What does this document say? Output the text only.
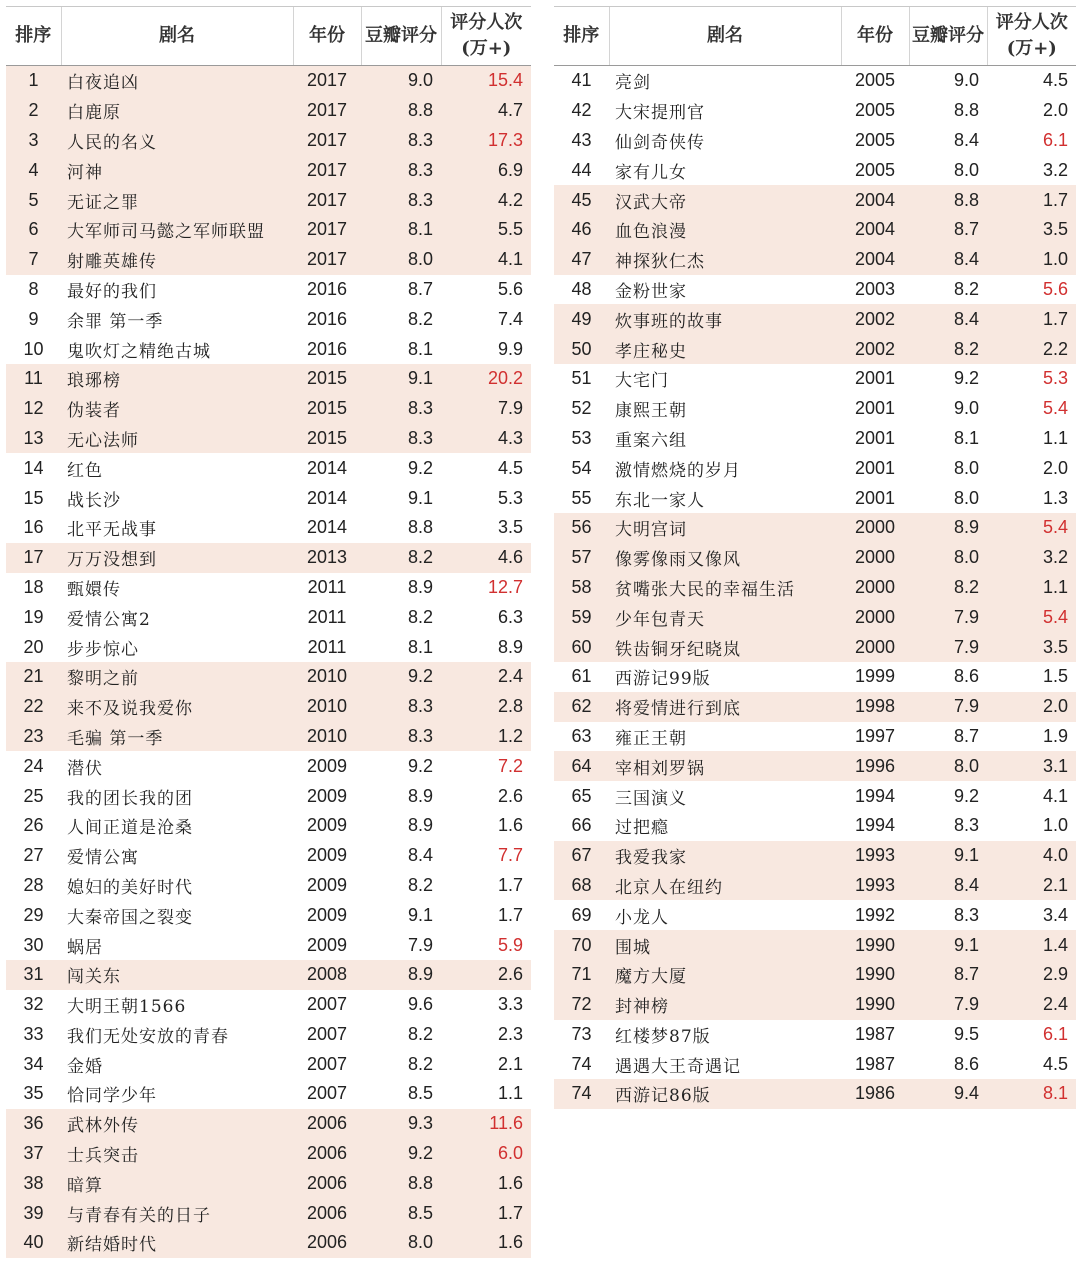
排序	剧名	年份	豆瓣评分	评分人次(万+)
1	白夜追凶	2017	9.0	15.4
2	白鹿原	2017	8.8	4.7
3	人民的名义	2017	8.3	17.3
4	河神	2017	8.3	6.9
5	无证之罪	2017	8.3	4.2
6	大军师司马懿之军师联盟	2017	8.1	5.5
7	射雕英雄传	2017	8.0	4.1
8	最好的我们	2016	8.7	5.6
9	余罪 第一季	2016	8.2	7.4
10	鬼吹灯之精绝古城	2016	8.1	9.9
11	琅琊榜	2015	9.1	20.2
12	伪装者	2015	8.3	7.9
13	无心法师	2015	8.3	4.3
14	红色	2014	9.2	4.5
15	战长沙	2014	9.1	5.3
16	北平无战事	2014	8.8	3.5
17	万万没想到	2013	8.2	4.6
18	甄嬛传	2011	8.9	12.7
19	爱情公寓2	2011	8.2	6.3
20	步步惊心	2011	8.1	8.9
21	黎明之前	2010	9.2	2.4
22	来不及说我爱你	2010	8.3	2.8
23	毛骗 第一季	2010	8.3	1.2
24	潜伏	2009	9.2	7.2
25	我的团长我的团	2009	8.9	2.6
26	人间正道是沧桑	2009	8.9	1.6
27	爱情公寓	2009	8.4	7.7
28	媳妇的美好时代	2009	8.2	1.7
29	大秦帝国之裂变	2009	9.1	1.7
30	蜗居	2009	7.9	5.9
31	闯关东	2008	8.9	2.6
32	大明王朝1566	2007	9.6	3.3
33	我们无处安放的青春	2007	8.2	2.3
34	金婚	2007	8.2	2.1
35	恰同学少年	2007	8.5	1.1
36	武林外传	2006	9.3	11.6
37	士兵突击	2006	9.2	6.0
38	暗算	2006	8.8	1.6
39	与青春有关的日子	2006	8.5	1.7
40	新结婚时代	2006	8.0	1.6
排序	剧名	年份	豆瓣评分	评分人次(万+)
41	亮剑	2005	9.0	4.5
42	大宋提刑官	2005	8.8	2.0
43	仙剑奇侠传	2005	8.4	6.1
44	家有儿女	2005	8.0	3.2
45	汉武大帝	2004	8.8	1.7
46	血色浪漫	2004	8.7	3.5
47	神探狄仁杰	2004	8.4	1.0
48	金粉世家	2003	8.2	5.6
49	炊事班的故事	2002	8.4	1.7
50	孝庄秘史	2002	8.2	2.2
51	大宅门	2001	9.2	5.3
52	康熙王朝	2001	9.0	5.4
53	重案六组	2001	8.1	1.1
54	激情燃烧的岁月	2001	8.0	2.0
55	东北一家人	2001	8.0	1.3
56	大明宫词	2000	8.9	5.4
57	像雾像雨又像风	2000	8.0	3.2
58	贫嘴张大民的幸福生活	2000	8.2	1.1
59	少年包青天	2000	7.9	5.4
60	铁齿铜牙纪晓岚	2000	7.9	3.5
61	西游记99版	1999	8.6	1.5
62	将爱情进行到底	1998	7.9	2.0
63	雍正王朝	1997	8.7	1.9
64	宰相刘罗锅	1996	8.0	3.1
65	三国演义	1994	9.2	4.1
66	过把瘾	1994	8.3	1.0
67	我爱我家	1993	9.1	4.0
68	北京人在纽约	1993	8.4	2.1
69	小龙人	1992	8.3	3.4
70	围城	1990	9.1	1.4
71	魔方大厦	1990	8.7	2.9
72	封神榜	1990	7.9	2.4
73	红楼梦87版	1987	9.5	6.1
74	遇遇大王奇遇记	1987	8.6	4.5
74	西游记86版	1986	9.4	8.1
